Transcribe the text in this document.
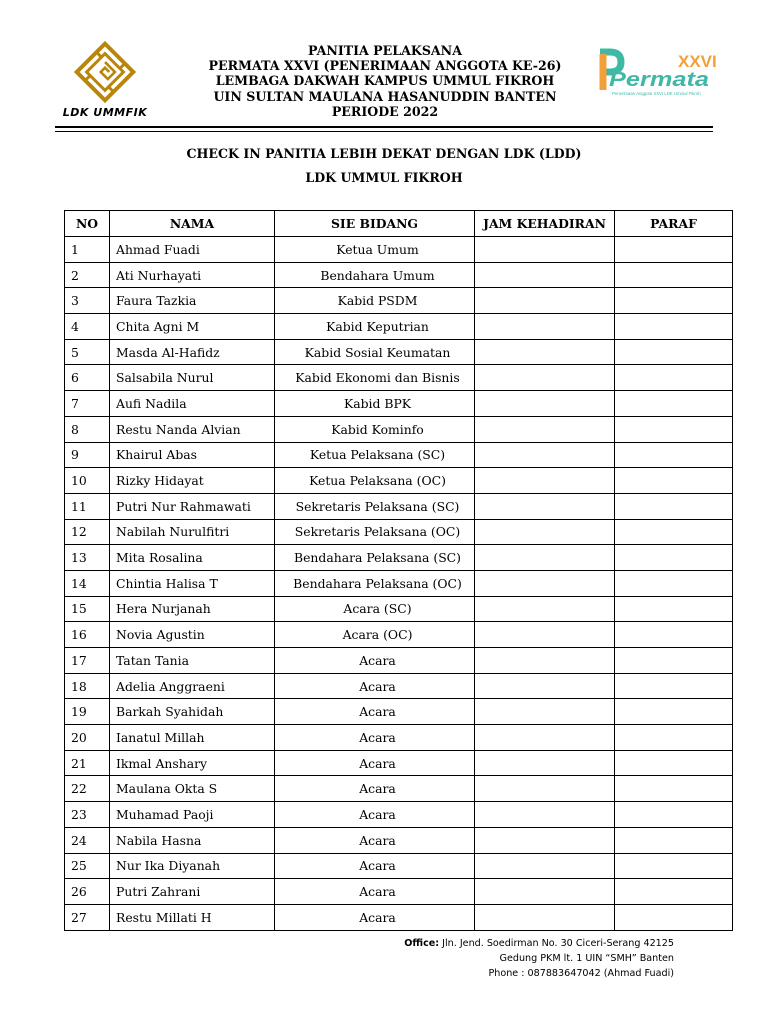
LDK UMMFIK
PANITIA PELAKSANA
PERMATA XXVI (PENERIMAAN ANGGOTA KE-26)
LEMBAGA DAKWAH KAMPUS UMMUL FIKROH
UIN SULTAN MAULANA HASANUDDIN BANTEN
PERIODE 2022
XXVI
Permata
Penerimaan Anggota XXVI LDK Ummul Fikroh
CHECK IN PANITIA LEBIH DEKAT DENGAN LDK (LDD)
LDK UMMUL FIKROH
NO	NAMA	SIE BIDANG	JAM KEHADIRAN	PARAF
1	Ahmad Fuadi	Ketua Umum		
2	Ati Nurhayati	Bendahara Umum		
3	Faura Tazkia	Kabid PSDM		
4	Chita Agni M	Kabid Keputrian		
5	Masda Al-Hafidz	Kabid Sosial Keumatan		
6	Salsabila Nurul	Kabid Ekonomi dan Bisnis		
7	Aufi Nadila	Kabid BPK		
8	Restu Nanda Alvian	Kabid Kominfo		
9	Khairul Abas	Ketua Pelaksana (SC)		
10	Rizky Hidayat	Ketua Pelaksana (OC)		
11	Putri Nur Rahmawati	Sekretaris Pelaksana (SC)		
12	Nabilah Nurulfitri	Sekretaris Pelaksana (OC)		
13	Mita Rosalina	Bendahara Pelaksana (SC)		
14	Chintia Halisa T	Bendahara Pelaksana (OC)		
15	Hera Nurjanah	Acara (SC)		
16	Novia Agustin	Acara (OC)		
17	Tatan Tania	Acara		
18	Adelia Anggraeni	Acara		
19	Barkah Syahidah	Acara		
20	Ianatul Millah	Acara		
21	Ikmal Anshary	Acara		
22	Maulana Okta S	Acara		
23	Muhamad Paoji	Acara		
24	Nabila Hasna	Acara		
25	Nur Ika Diyanah	Acara		
26	Putri Zahrani	Acara		
27	Restu Millati H	Acara		
Office: Jln. Jend. Soedirman No. 30 Ciceri-Serang 42125
Gedung PKM lt. 1 UIN “SMH” Banten
Phone : 087883647042 (Ahmad Fuadi)
